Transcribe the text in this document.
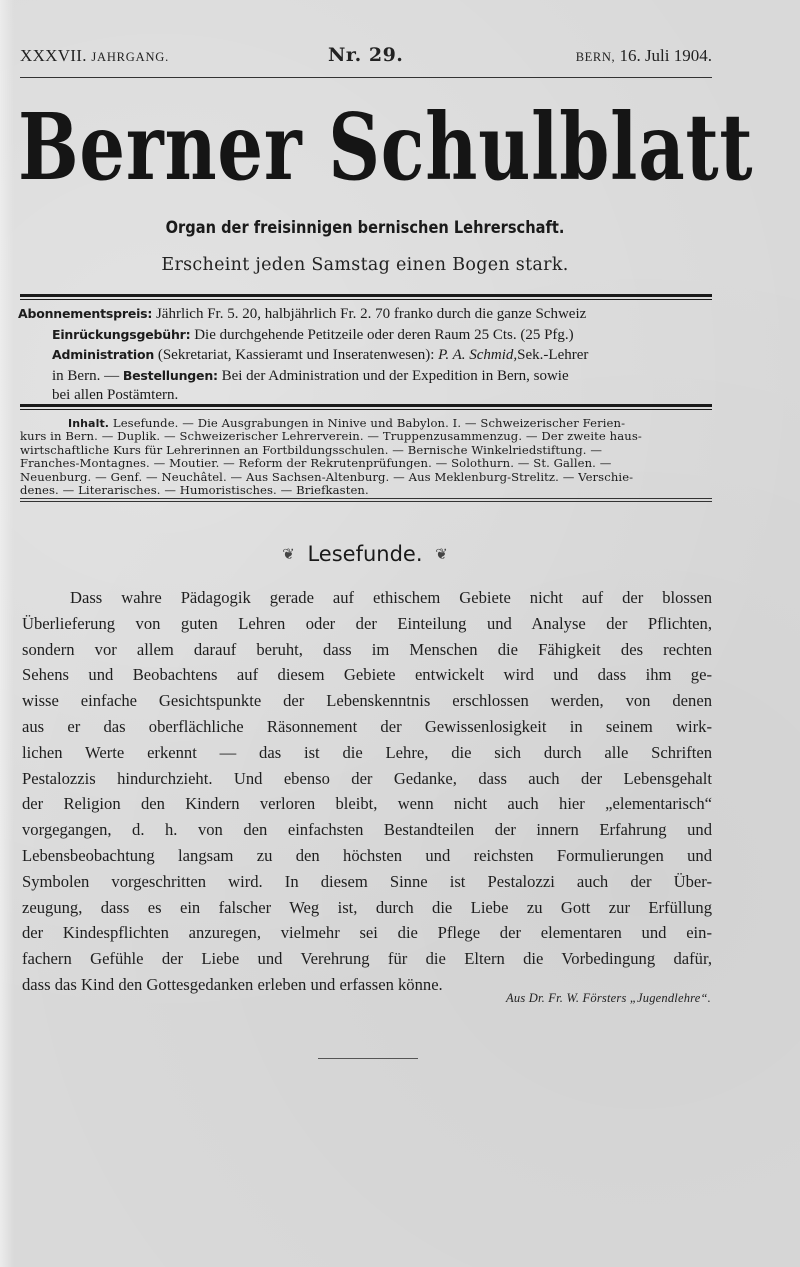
XXXVII. JAHRGANG.	Nr. 29.	BERN, 16. Juli 1904.
Berner Schulblatt
Organ der freisinnigen bernischen Lehrerschaft.
Erscheint jeden Samstag einen Bogen stark.
Abonnementspreis: Jährlich Fr. 5. 20, halbjährlich Fr. 2. 70 franko durch die ganze Schweiz
Einrückungsgebühr: Die durchgehende Petitzeile oder deren Raum 25 Cts. (25 Pfg.)
Administration (Sekretariat, Kassieramt und Inseratenwesen): P. A. Schmid,Sek.-Lehrer
in Bern. — Bestellungen: Bei der Administration und der Expedition in Bern, sowie
bei allen Postämtern.
Inhalt. Lesefunde. — Die Ausgrabungen in Ninive und Babylon. I. — Schweizerischer Ferien-
kurs in Bern. — Duplik. — Schweizerischer Lehrerverein. — Truppenzusammenzug. — Der zweite haus-
wirtschaftliche Kurs für Lehrerinnen an Fortbildungsschulen. — Bernische Winkelriedstiftung. —
Franches-Montagnes. — Moutier. — Reform der Rekrutenprüfungen. — Solothurn. — St. Gallen. —
Neuenburg. — Genf. — Neuchâtel. — Aus Sachsen-Altenburg. — Aus Meklenburg-Strelitz. — Verschie-
denes. — Literarisches. — Humoristisches. — Briefkasten.
❦ Lesefunde. ❦
Dass wahre Pädagogik gerade auf ethischem Gebiete nicht auf der blossen
Überlieferung von guten Lehren oder der Einteilung und Analyse der Pflichten,
sondern vor allem darauf beruht, dass im Menschen die Fähigkeit des rechten
Sehens und Beobachtens auf diesem Gebiete entwickelt wird und dass ihm ge-
wisse einfache Gesichtspunkte der Lebenskenntnis erschlossen werden, von denen
aus er das oberflächliche Räsonnement der Gewissenlosigkeit in seinem wirk-
lichen Werte erkennt — das ist die Lehre, die sich durch alle Schriften
Pestalozzis hindurchzieht. Und ebenso der Gedanke, dass auch der Lebensgehalt
der Religion den Kindern verloren bleibt, wenn nicht auch hier „elementarisch“
vorgegangen, d. h. von den einfachsten Bestandteilen der innern Erfahrung und
Lebensbeobachtung langsam zu den höchsten und reichsten Formulierungen und
Symbolen vorgeschritten wird. In diesem Sinne ist Pestalozzi auch der Über-
zeugung, dass es ein falscher Weg ist, durch die Liebe zu Gott zur Erfüllung
der Kindespflichten anzuregen, vielmehr sei die Pflege der elementaren und ein-
fachern Gefühle der Liebe und Verehrung für die Eltern die Vorbedingung dafür,
dass das Kind den Gottesgedanken erleben und erfassen könne.
Aus Dr. Fr. W. Försters „Jugendlehre“.
